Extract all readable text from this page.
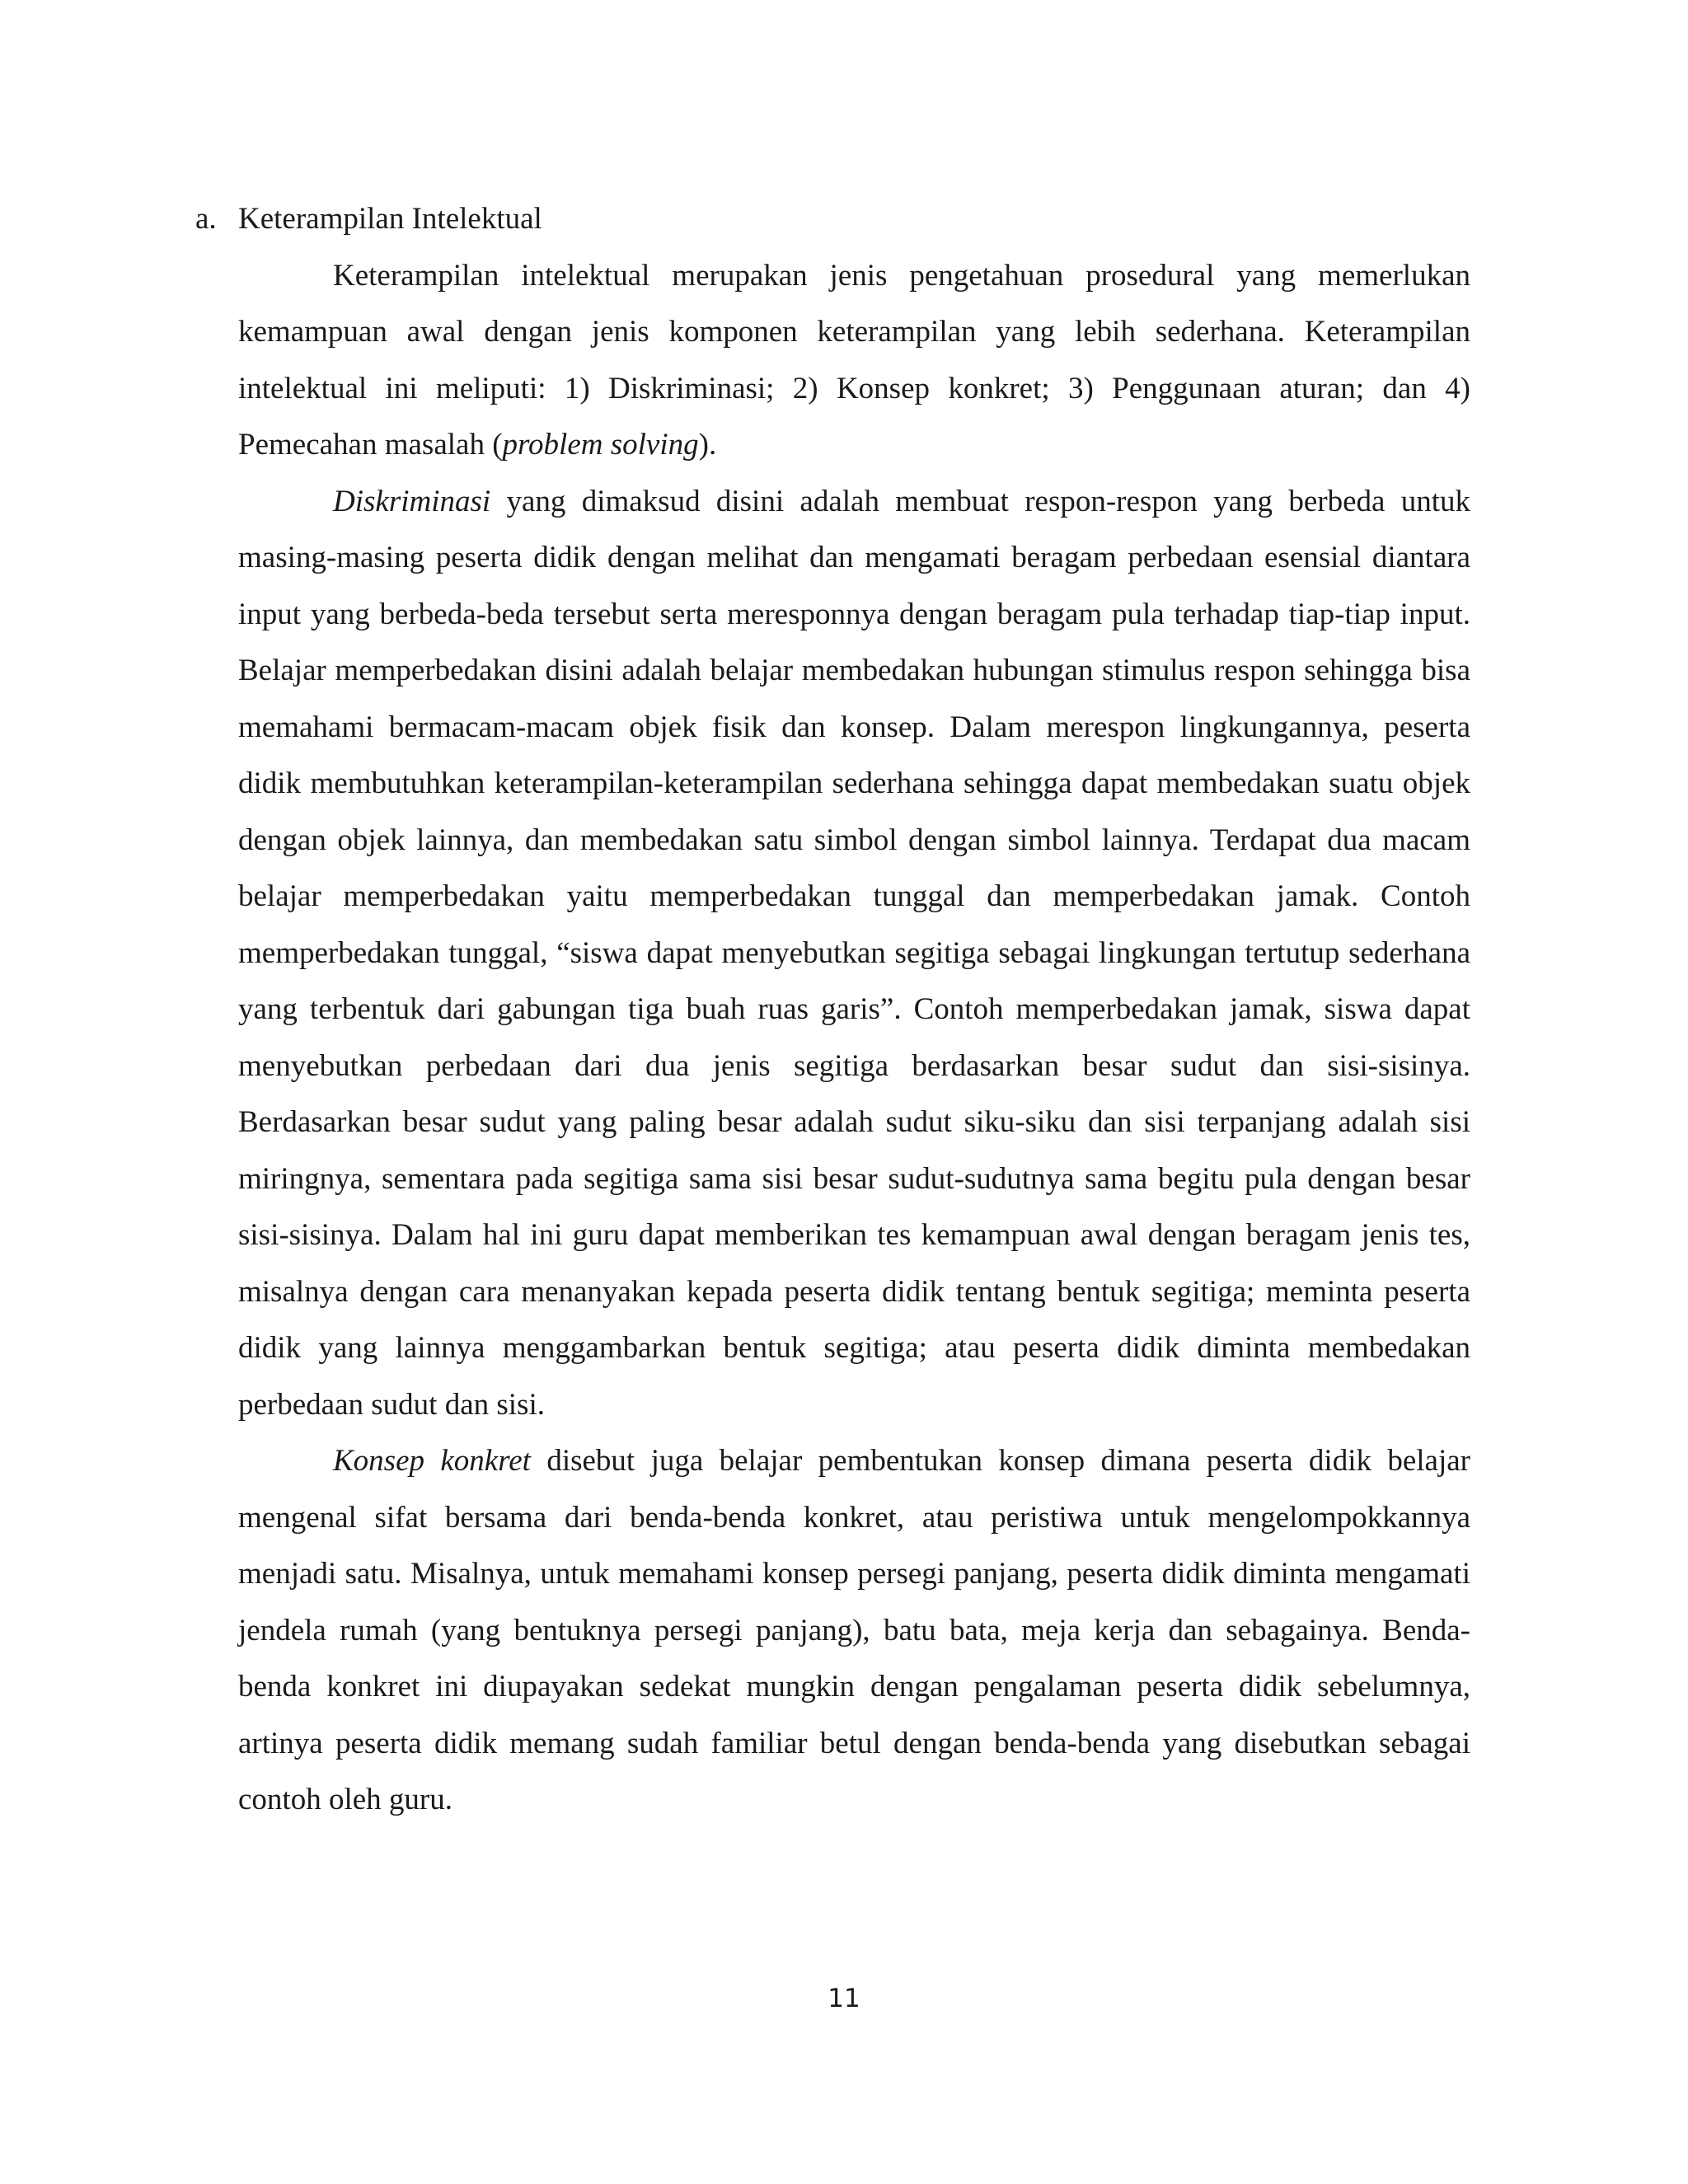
a. Keterampilan Intelektual

Keterampilan intelektual merupakan jenis pengetahuan prosedural yang memerlukan kemampuan awal dengan jenis komponen keterampilan yang lebih sederhana. Keterampilan intelektual ini meliputi: 1) Diskriminasi; 2) Konsep konkret; 3) Penggunaan aturan; dan 4) Pemecahan masalah (problem solving).

Diskriminasi yang dimaksud disini adalah membuat respon-respon yang berbeda untuk masing-masing peserta didik dengan melihat dan mengamati beragam perbedaan esensial diantara input yang berbeda-beda tersebut serta meresponnya dengan beragam pula terhadap tiap-tiap input. Belajar memperbedakan disini adalah belajar membedakan hubungan stimulus respon sehingga bisa memahami bermacam-macam objek fisik dan konsep. Dalam merespon lingkungannya, peserta didik membutuhkan keterampilan-keterampilan sederhana sehingga dapat membedakan suatu objek dengan objek lainnya, dan membedakan satu simbol dengan simbol lainnya. Terdapat dua macam belajar memperbedakan yaitu memperbedakan tunggal dan memperbedakan jamak. Contoh memperbedakan tunggal, “siswa dapat menyebutkan segitiga sebagai lingkungan tertutup sederhana yang terbentuk dari gabungan tiga buah ruas garis”. Contoh memperbedakan jamak, siswa dapat menyebutkan perbedaan dari dua jenis segitiga berdasarkan besar sudut dan sisi-sisinya. Berdasarkan besar sudut yang paling besar adalah sudut siku-siku dan sisi terpanjang adalah sisi miringnya, sementara pada segitiga sama sisi besar sudut-sudutnya sama begitu pula dengan besar sisi-sisinya. Dalam hal ini guru dapat memberikan tes kemampuan awal dengan beragam jenis tes, misalnya dengan cara menanyakan kepada peserta didik tentang bentuk segitiga; meminta peserta didik yang lainnya menggambarkan bentuk segitiga; atau peserta didik diminta membedakan perbedaan sudut dan sisi.

Konsep konkret disebut juga belajar pembentukan konsep dimana peserta didik belajar mengenal sifat bersama dari benda-benda konkret, atau peristiwa untuk mengelompokkannya menjadi satu. Misalnya, untuk memahami konsep persegi panjang, peserta didik diminta mengamati jendela rumah (yang bentuknya persegi panjang), batu bata, meja kerja dan sebagainya. Benda-benda konkret ini diupayakan sedekat mungkin dengan pengalaman peserta didik sebelumnya, artinya peserta didik memang sudah familiar betul dengan benda-benda yang disebutkan sebagai contoh oleh guru.

11
